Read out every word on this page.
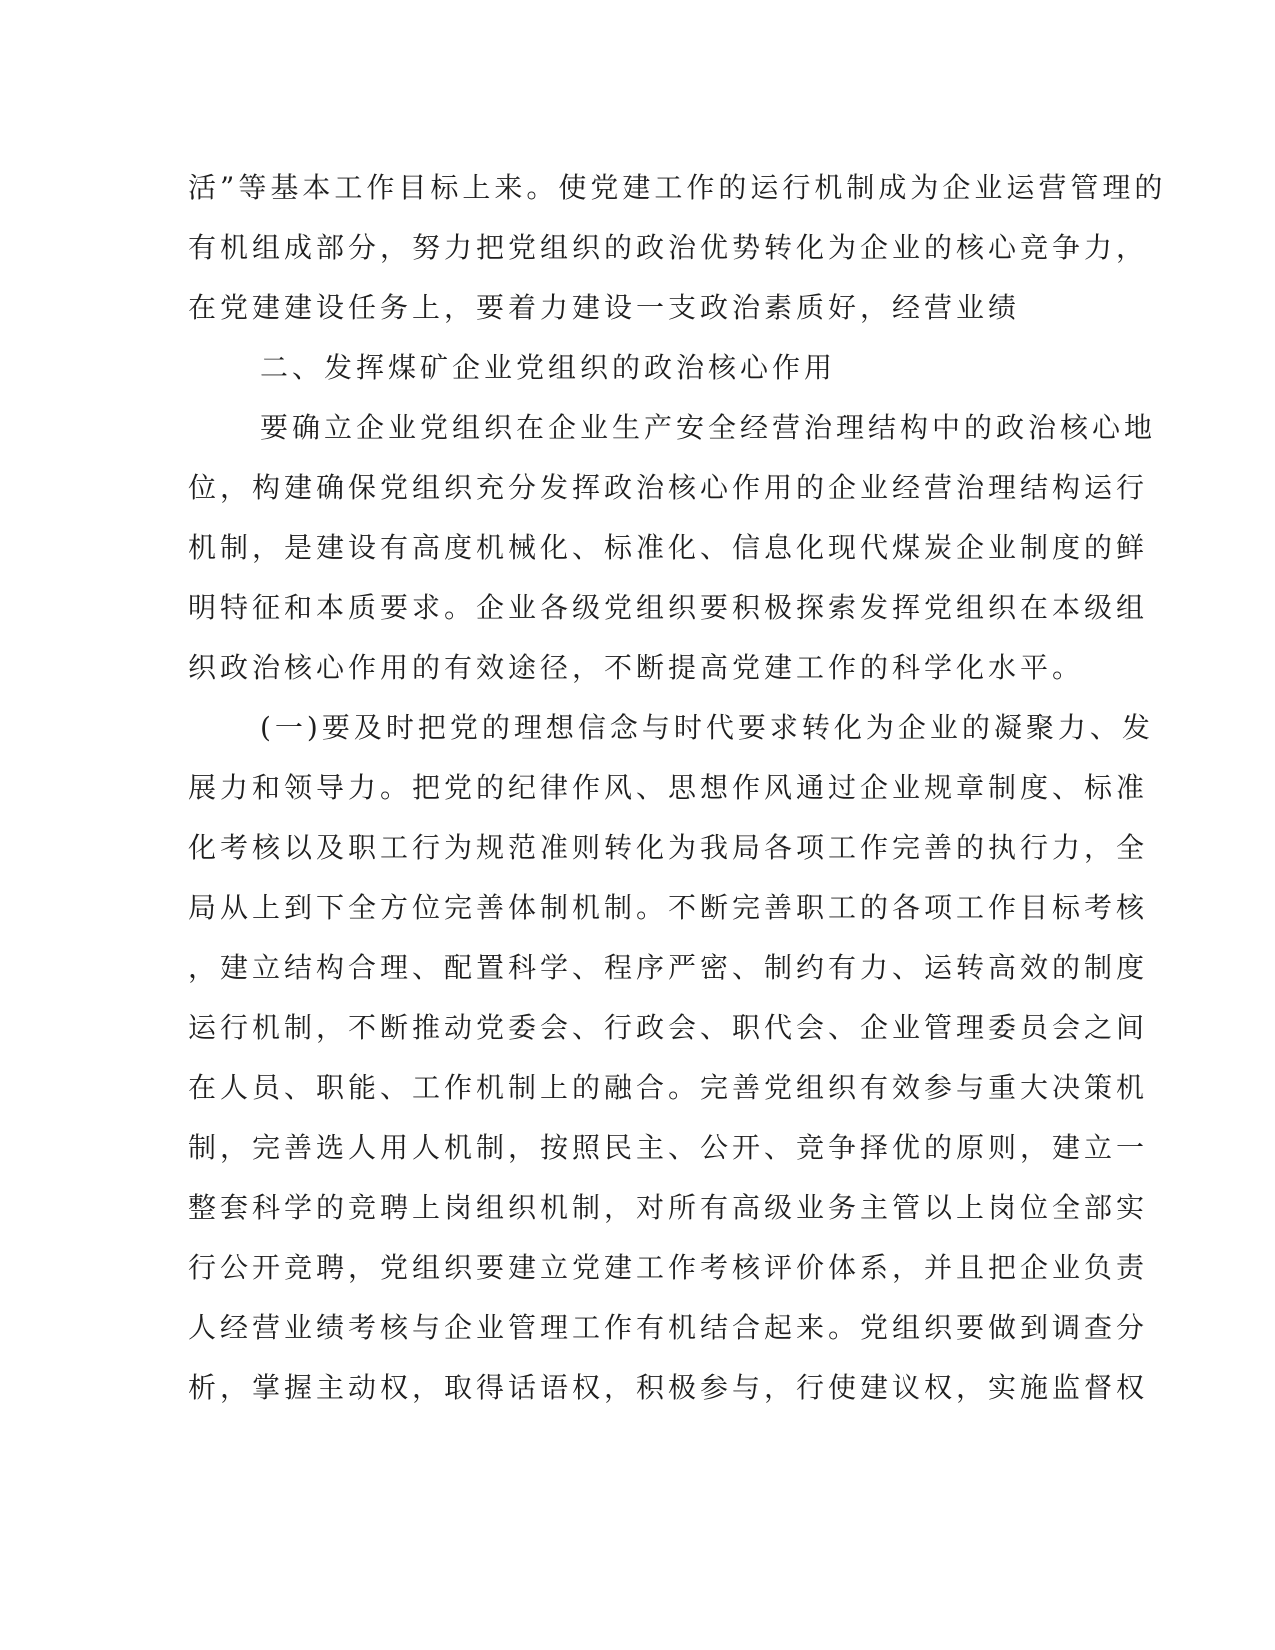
活”等基本工作目标上来。使党建工作的运行机制成为企业运营管理的
有机组成部分，努力把党组织的政治优势转化为企业的核心竞争力，
在党建建设任务上，要着力建设一支政治素质好，经营业绩
二、发挥煤矿企业党组织的政治核心作用
要确立企业党组织在企业生产安全经营治理结构中的政治核心地
位，构建确保党组织充分发挥政治核心作用的企业经营治理结构运行
机制，是建设有高度机械化、标准化、信息化现代煤炭企业制度的鲜
明特征和本质要求。企业各级党组织要积极探索发挥党组织在本级组
织政治核心作用的有效途径，不断提高党建工作的科学化水平。
(一)要及时把党的理想信念与时代要求转化为企业的凝聚力、发
展力和领导力。把党的纪律作风、思想作风通过企业规章制度、标准
化考核以及职工行为规范准则转化为我局各项工作完善的执行力，全
局从上到下全方位完善体制机制。不断完善职工的各项工作目标考核
，建立结构合理、配置科学、程序严密、制约有力、运转高效的制度
运行机制，不断推动党委会、行政会、职代会、企业管理委员会之间
在人员、职能、工作机制上的融合。完善党组织有效参与重大决策机
制，完善选人用人机制，按照民主、公开、竞争择优的原则，建立一
整套科学的竞聘上岗组织机制，对所有高级业务主管以上岗位全部实
行公开竞聘，党组织要建立党建工作考核评价体系，并且把企业负责
人经营业绩考核与企业管理工作有机结合起来。党组织要做到调查分
析，掌握主动权，取得话语权，积极参与，行使建议权，实施监督权
